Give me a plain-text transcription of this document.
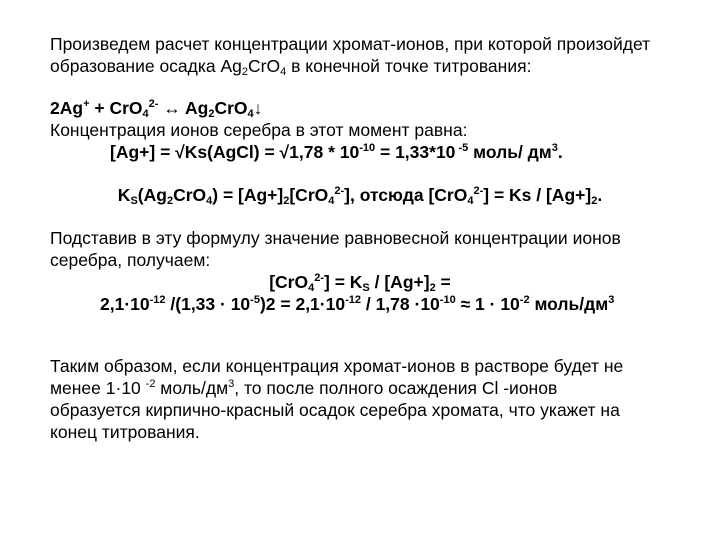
Произведем расчет концентрации хромат-ионов, при которой произойдет
образование осадка $Ag_2CrO_4$ в конечной точке титрования:
2Ag+ + CrO$_4^{2-}$ ↔ $Ag_2CrO_4↓$
Концентрация ионов серебра в этот момент равна:
[Ag+] = √Ks(AgCl) = $√1,78 * 10^{-10} = 1,33*10$ $^{-5}$ моль/ $дм^3$.
$K_S(Ag_2CrO_4) = [Ag+]_2[CrO_4^{2-}]$, отсюда $[CrO_4^{2-}] = Ks / [Ag+]_2$.
Подставив в эту формулу значение равновесной концентрации ионов
серебра, получаем:
$[CrO_4^{2-}] = K_S / [Ag+]_2$ =
$2,1\cdot 10^{-12}$ $/(1,33 \cdot 10^{-5})2 = 2,1\cdot 10^{-12} / 1,78 \cdot 10^{-10} \approx 1 \cdot 10^{-2}$ моль/$дм^3$
Таким образом, если концентрация хромат-ионов в растворе будет не
менее 1·10 $^{-2}$ моль/$дм^3$, то после полного осаждения Cl -ионов
образуется кирпично-красный осадок серебра хромата, что укажет на
конец титрования.
